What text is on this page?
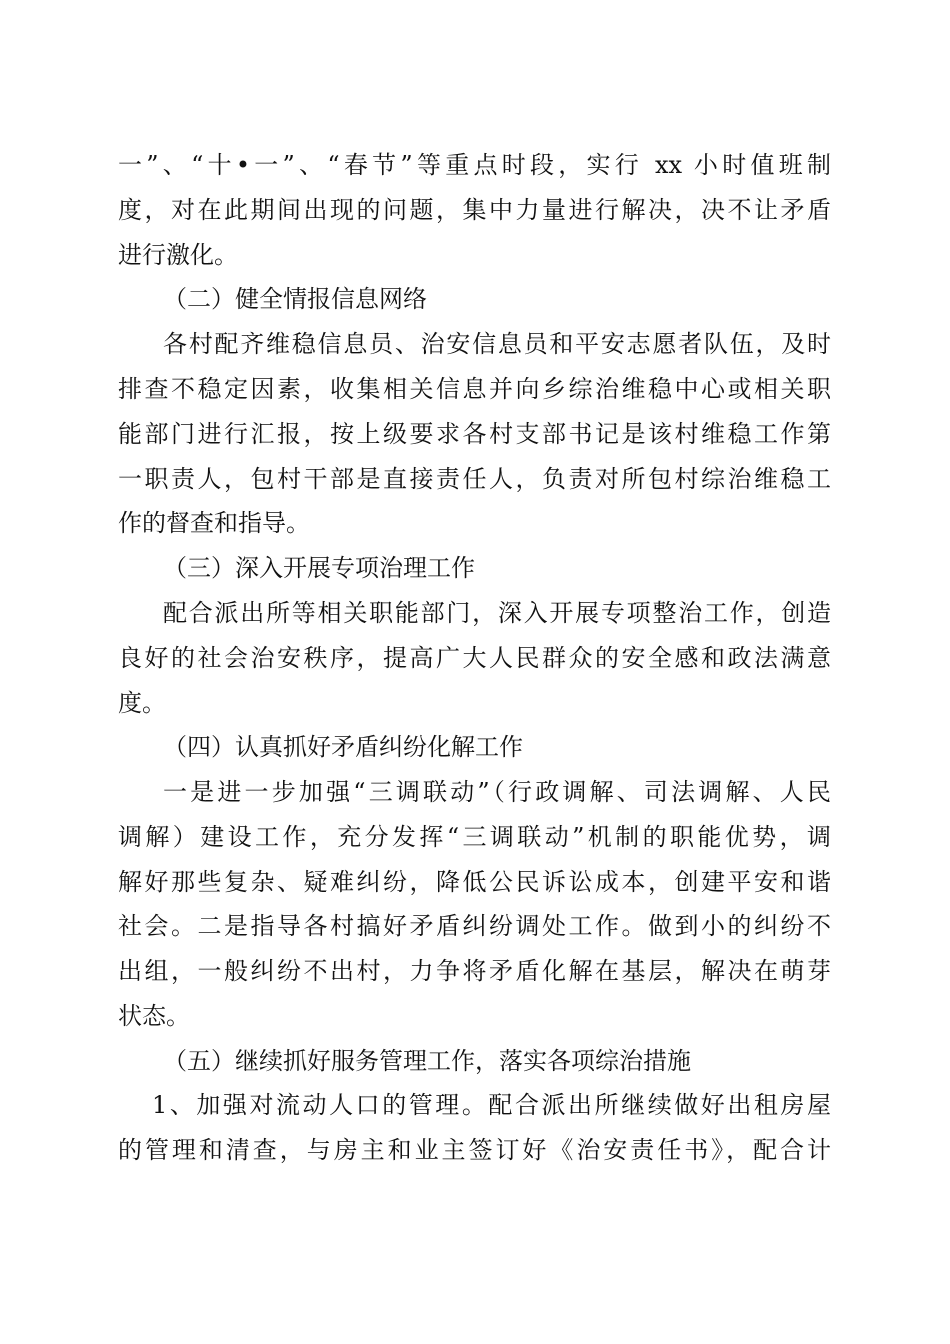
一”、“十•一”、“春节”等重点时段，实行 xx 小时值班制
度，对在此期间出现的问题，集中力量进行解决，决不让矛盾
进行激化。
（二）健全情报信息网络
各村配齐维稳信息员、治安信息员和平安志愿者队伍，及时
排查不稳定因素，收集相关信息并向乡综治维稳中心或相关职
能部门进行汇报，按上级要求各村支部书记是该村维稳工作第
一职责人，包村干部是直接责任人，负责对所包村综治维稳工
作的督查和指导。
（三）深入开展专项治理工作
配合派出所等相关职能部门，深入开展专项整治工作，创造
良好的社会治安秩序，提高广大人民群众的安全感和政法满意
度。
（四）认真抓好矛盾纠纷化解工作
一是进一步加强“三调联动”（行政调解、司法调解、人民
调解）建设工作，充分发挥“三调联动”机制的职能优势，调
解好那些复杂、疑难纠纷，降低公民诉讼成本，创建平安和谐
社会。二是指导各村搞好矛盾纠纷调处工作。做到小的纠纷不
出组，一般纠纷不出村，力争将矛盾化解在基层，解决在萌芽
状态。
（五）继续抓好服务管理工作，落实各项综治措施
1、加强对流动人口的管理。配合派出所继续做好出租房屋
的管理和清查，与房主和业主签订好《治安责任书》，配合计
